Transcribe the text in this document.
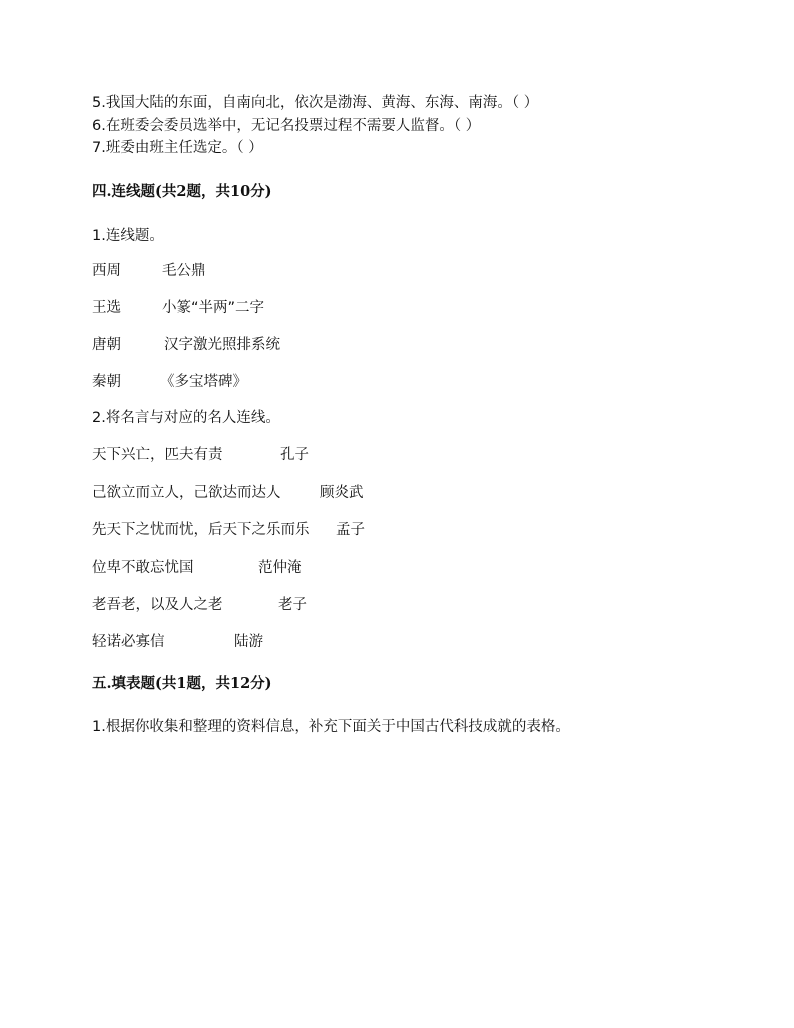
5.我国大陆的东面，自南向北，依次是渤海、黄海、东海、南海。（ ）
6.在班委会委员选举中，无记名投票过程不需要人监督。（ ）
7.班委由班主任选定。（ ）
四.连线题(共2题，共10分)
1.连线题。
西周	毛公鼎
王选	小篆“半两”二字
唐朝	汉字激光照排系统
秦朝	《多宝塔碑》
2.将名言与对应的名人连线。
天下兴亡，匹夫有责	孔子
己欲立而立人，己欲达而达人	顾炎武
先天下之忧而忧，后天下之乐而乐 孟子
位卑不敢忘忧国	范仲淹
老吾老，以及人之老	老子
轻诺必寡信	陆游
五.填表题(共1题，共12分)
1.根据你收集和整理的资料信息，补充下面关于中国古代科技成就的表格。
